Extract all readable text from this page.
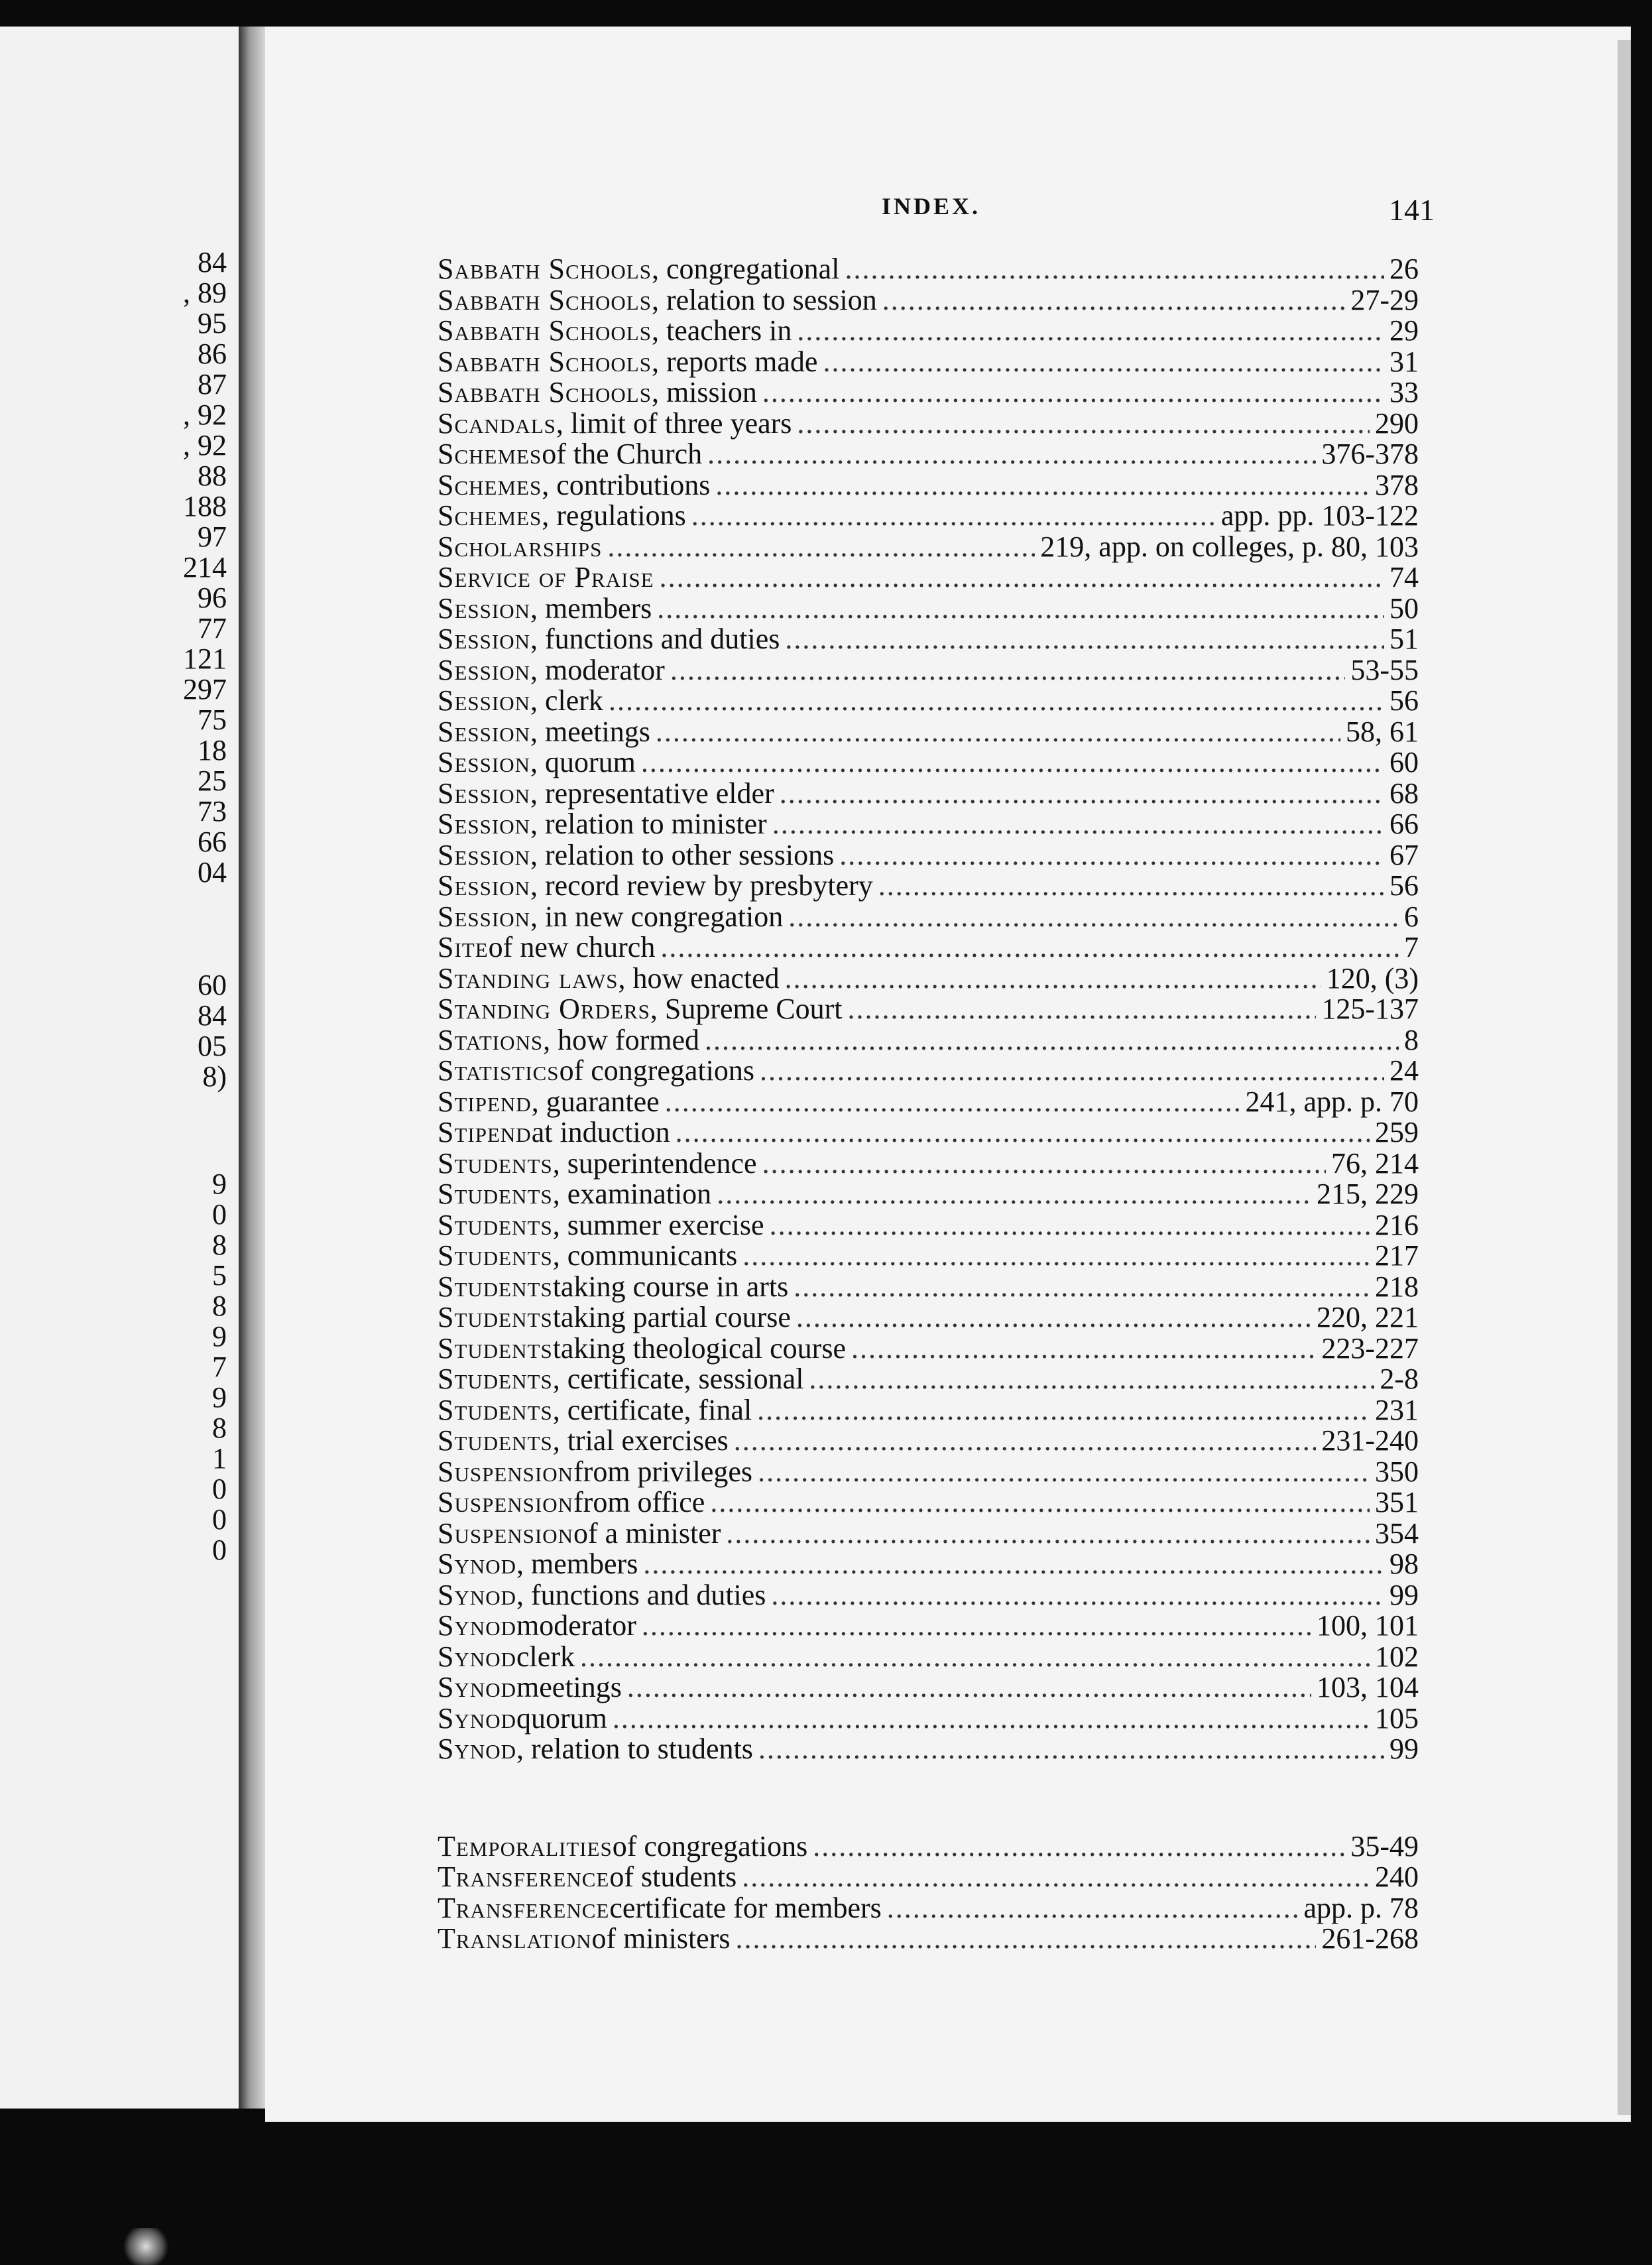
84
, 89
95
86
87
, 92
, 92
88
188
97
214
96
77
121
297
75
18
25
73
66
04
60
84
05
8)
9
0
8
5
8
9
7
9
8
1
0
0
0
INDEX.	141
Sabbath Schools , congregational .....	26
Sabbath Schools , relation to session .....	27-29
Sabbath Schools , teachers in .....	29
Sabbath Schools , reports made .....	31
Sabbath Schools , mission .....	33
Scandals , limit of three years .....	290
Schemes of the Church .....	376-378
Schemes , contributions .....	378
Schemes , regulations .....	app. pp. 103-122
Scholarships .....	219, app. on colleges, p. 80, 103
Service of Praise .....	74
Session , members .....	50
Session , functions and duties .....	51
Session , moderator .....	53-55
Session , clerk .....	56
Session , meetings .....	58, 61
Session , quorum .....	60
Session , representative elder .....	68
Session , relation to minister .....	66
Session , relation to other sessions .....	67
Session , record review by presbytery .....	56
Session , in new congregation .....	6
Site of new church .....	7
Standing laws , how enacted .....	120, (3)
Standing Orders , Supreme Court .....	125-137
Stations , how formed .....	8
Statistics of congregations .....	24
Stipend , guarantee .....	241, app. p. 70
Stipend at induction .....	259
Students , superintendence .....	76, 214
Students , examination .....	215, 229
Students , summer exercise .....	216
Students , communicants .....	217
Students taking course in arts .....	218
Students taking partial course .....	220, 221
Students taking theological course .....	223-227
Students , certificate, sessional .....	2-8
Students , certificate, final .....	231
Students , trial exercises .....	231-240
Suspension from privileges .....	350
Suspension from office .....	351
Suspension of a minister .....	354
Synod , members .....	98
Synod , functions and duties .....	99
Synod moderator .....	100, 101
Synod clerk .....	102
Synod meetings .....	103, 104
Synod quorum .....	105
Synod , relation to students .....	99
Temporalities of congregations .....	35-49
Transference of students .....	240
Transference certificate for members .....	app. p. 78
Translation of ministers .....	261-268
